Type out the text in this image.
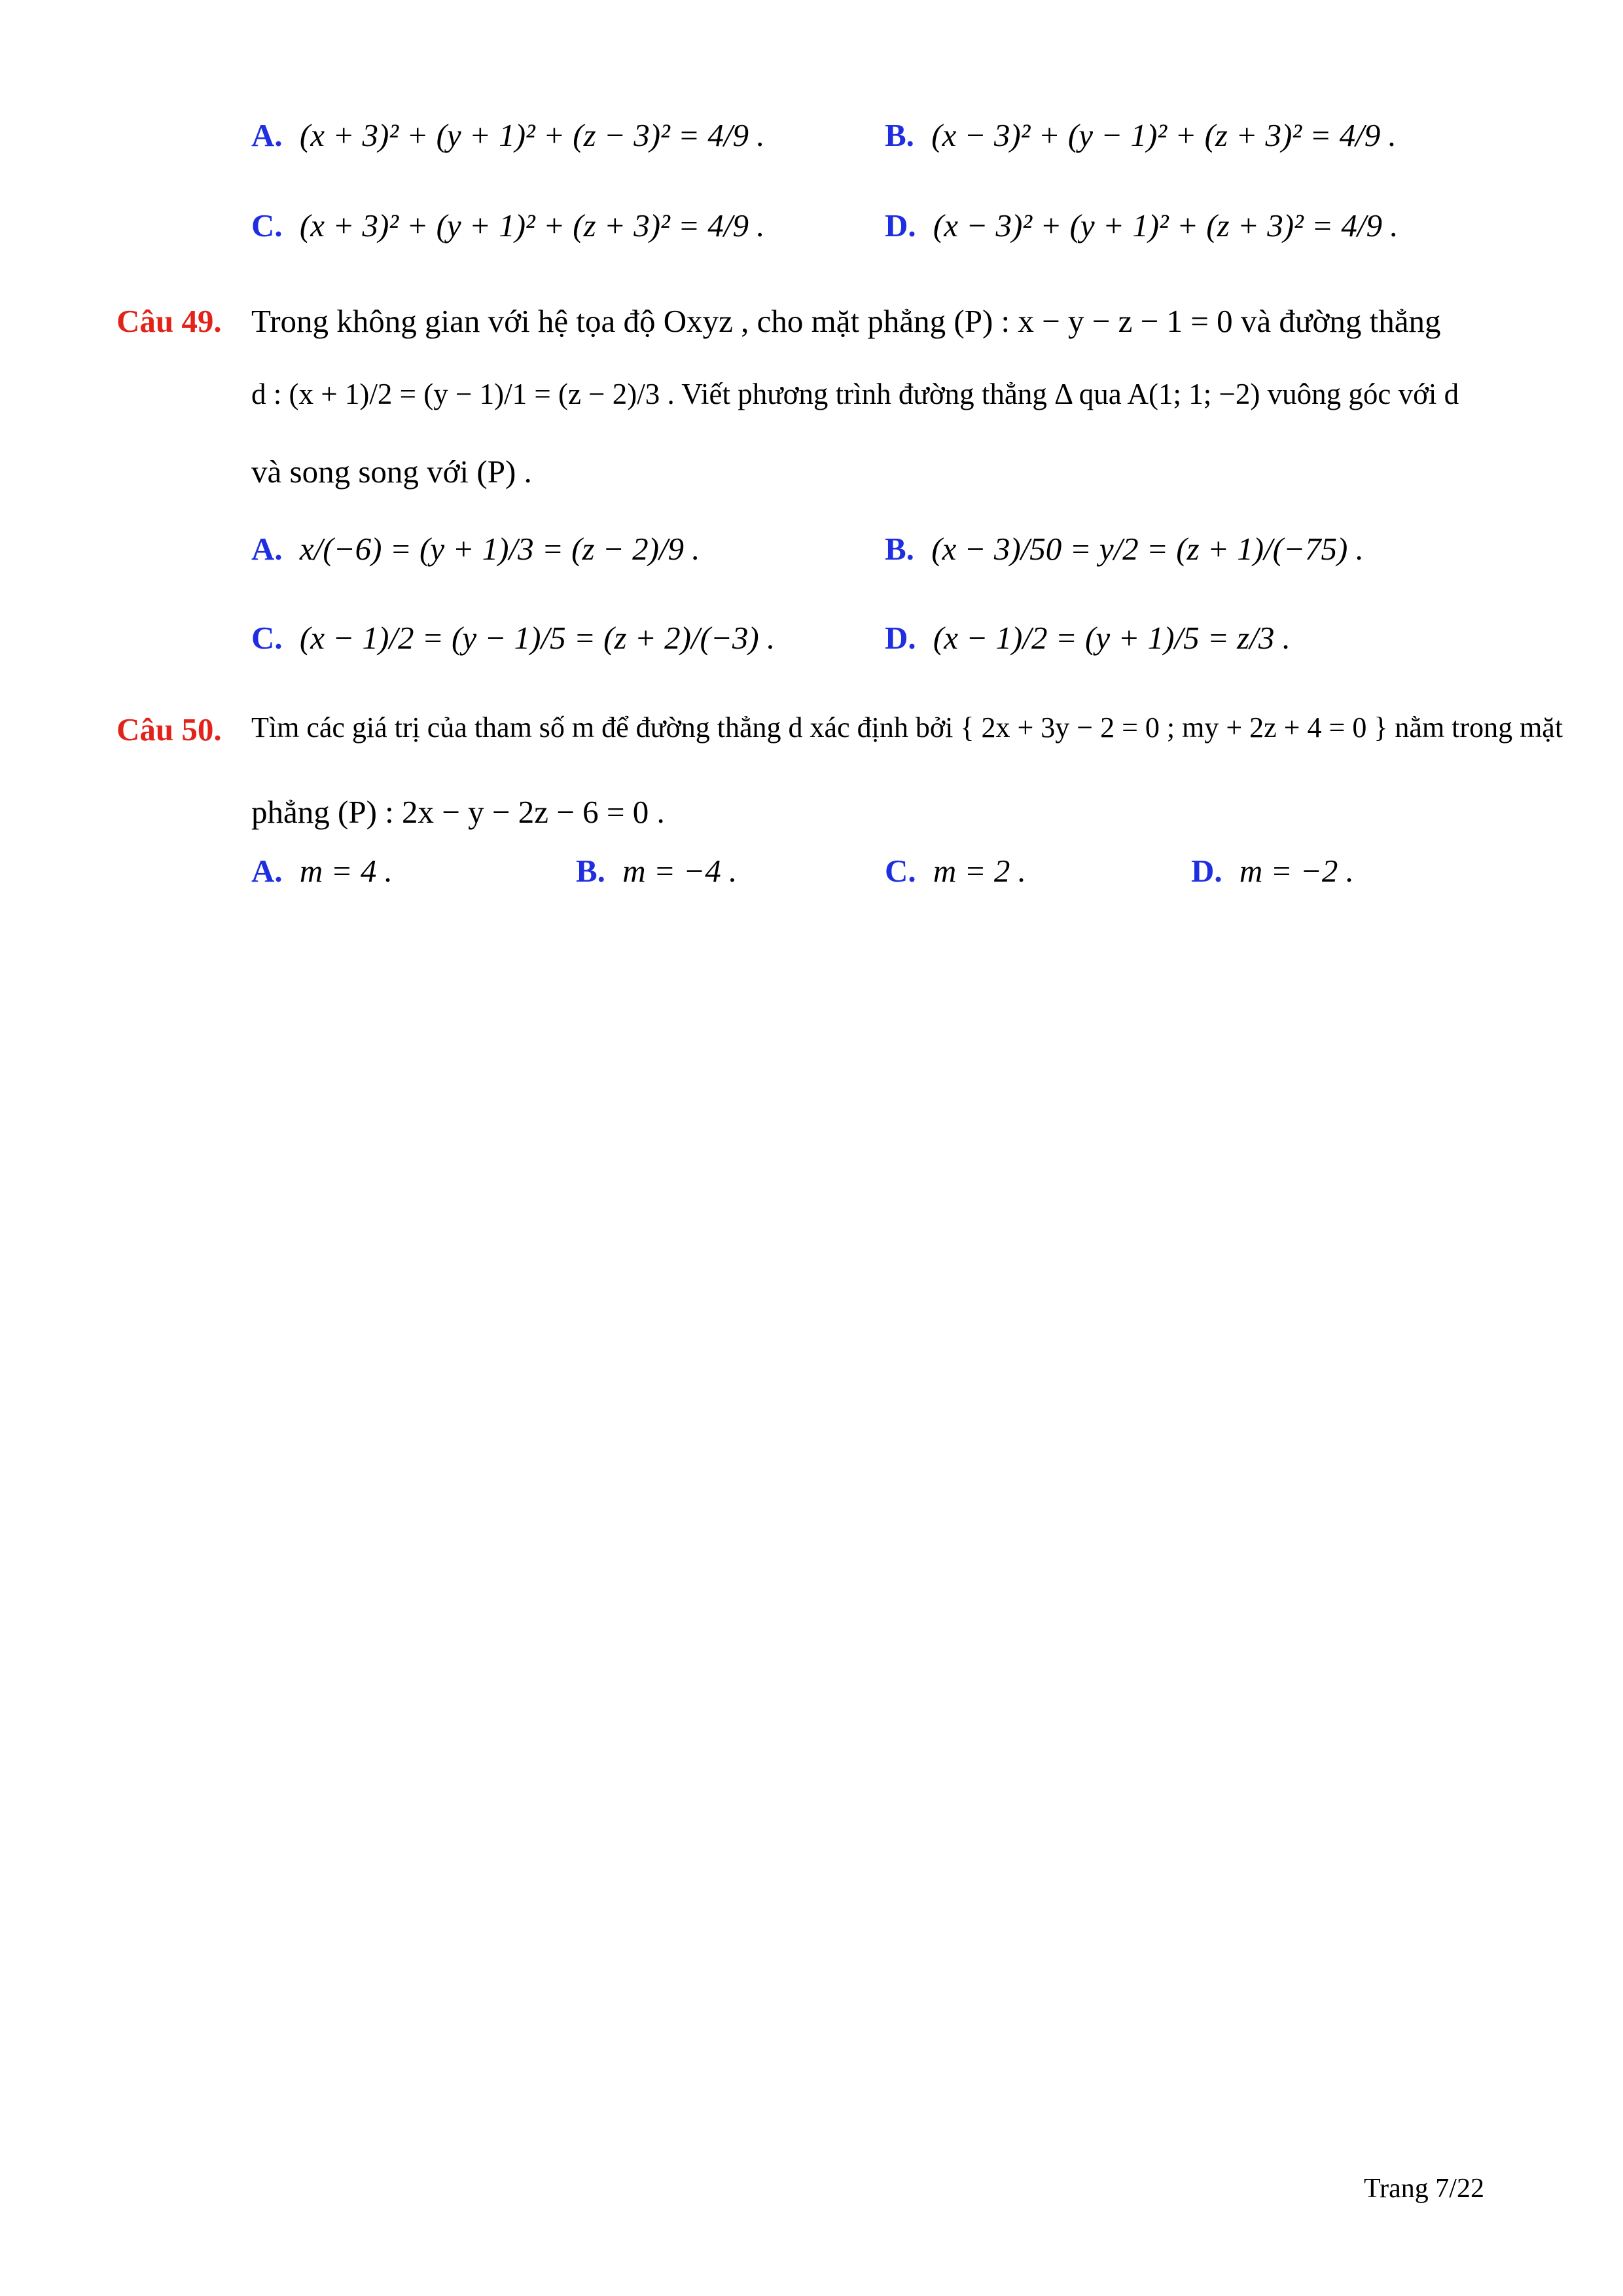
A. (x + 3)² + (y + 1)² + (z − 3)² = 4/9 .	B. (x − 3)² + (y − 1)² + (z + 3)² = 4/9 .
C. (x + 3)² + (y + 1)² + (z + 3)² = 4/9 .	D. (x − 3)² + (y + 1)² + (z + 3)² = 4/9 .
Câu 49. Trong không gian với hệ tọa độ Oxyz , cho mặt phẳng (P) : x − y − z − 1 = 0 và đường thẳng
d : (x + 1)/2 = (y − 1)/1 = (z − 2)/3 . Viết phương trình đường thẳng Δ qua A(1; 1; −2) vuông góc với d
và song song với (P) .
A. x/(−6) = (y + 1)/3 = (z − 2)/9 .	B. (x − 3)/50 = y/2 = (z + 1)/(−75) .
C. (x − 1)/2 = (y − 1)/5 = (z + 2)/(−3) .	D. (x − 1)/2 = (y + 1)/5 = z/3 .
Câu 50. Tìm các giá trị của tham số m để đường thẳng d xác định bởi { 2x + 3y − 2 = 0 ; my + 2z + 4 = 0 } nằm trong mặt
phẳng (P) : 2x − y − 2z − 6 = 0 .
A. m = 4 .	B. m = −4 .	C. m = 2 .	D. m = −2 .
Trang 7/22
